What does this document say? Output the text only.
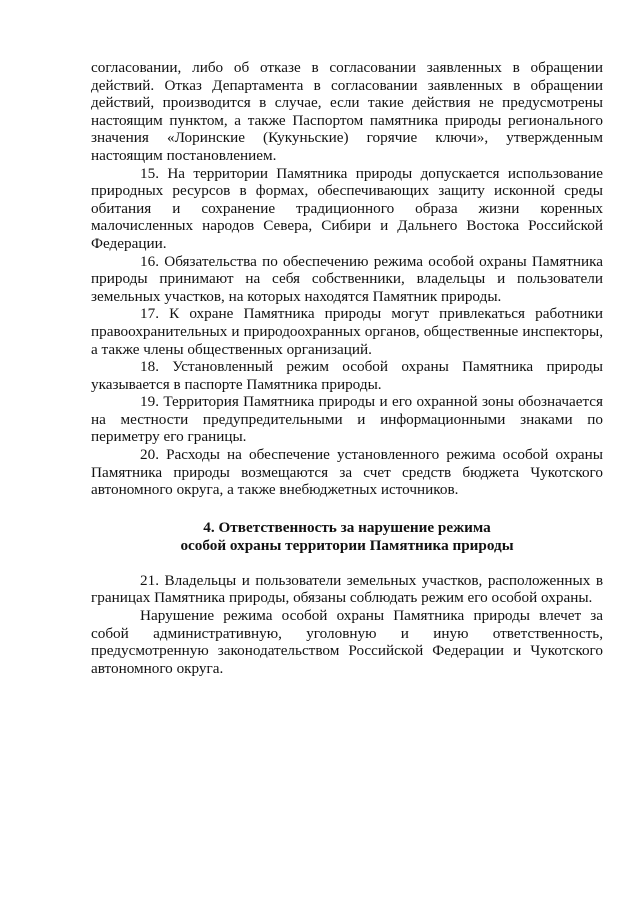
согласовании, либо об отказе в согласовании заявленных в обращении действий. Отказ Департамента в согласовании заявленных в обращении действий, производится в случае, если такие действия не предусмотрены настоящим пунктом, а также Паспортом памятника природы регионального значения «Лоринские (Кукуньские) горячие ключи», утвержденным настоящим постановлением.

15. На территории Памятника природы допускается использование природных ресурсов в формах, обеспечивающих защиту исконной среды обитания и сохранение традиционного образа жизни коренных малочисленных народов Севера, Сибири и Дальнего Востока Российской Федерации.

16. Обязательства по обеспечению режима особой охраны Памятника природы принимают на себя собственники, владельцы и пользователи земельных участков, на которых находятся Памятник природы.

17. К охране Памятника природы могут привлекаться работники правоохранительных и природоохранных органов, общественные инспекторы, а также члены общественных организаций.

18. Установленный режим особой охраны Памятника природы указывается в паспорте Памятника природы.

19. Территория Памятника природы и его охранной зоны обозначается на местности предупредительными и информационными знаками по периметру его границы.

20. Расходы на обеспечение установленного режима особой охраны Памятника природы возмещаются за счет средств бюджета Чукотского автономного округа, а также внебюджетных источников.

4. Ответственность за нарушение режима
особой охраны территории Памятника природы

21. Владельцы и пользователи земельных участков, расположенных в границах Памятника природы, обязаны соблюдать режим его особой охраны.

Нарушение режима особой охраны Памятника природы влечет за собой административную, уголовную и иную ответственность, предусмотренную законодательством Российской Федерации и Чукотского автономного округа.
